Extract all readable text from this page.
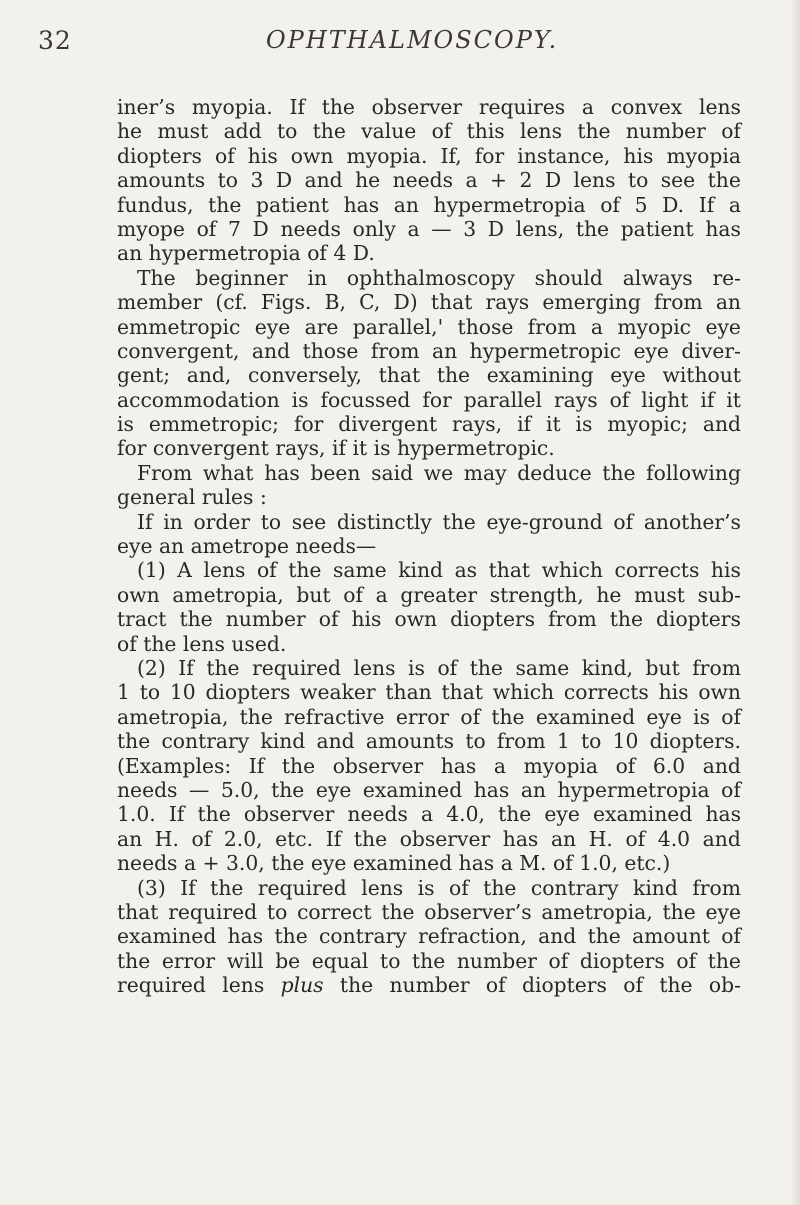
32	OPHTHALMOSCOPY.
iner’s myopia. If the observer requires a convex lens
he must add to the value of this lens the number of
diopters of his own myopia. If, for instance, his myopia
amounts to 3 D and he needs a + 2 D lens to see the
fundus, the patient has an hypermetropia of 5 D. If a
myope of 7 D needs only a — 3 D lens, the patient has
an hypermetropia of 4 D.
The beginner in ophthalmoscopy should always re-
member (cf. Figs. B, C, D) that rays emerging from an
emmetropic eye are parallel,' those from a myopic eye
convergent, and those from an hypermetropic eye diver-
gent; and, conversely, that the examining eye without
accommodation is focussed for parallel rays of light if it
is emmetropic; for divergent rays, if it is myopic; and
for convergent rays, if it is hypermetropic.
From what has been said we may deduce the following
general rules :
If in order to see distinctly the eye-ground of another’s
eye an ametrope needs—
(1) A lens of the same kind as that which corrects his
own ametropia, but of a greater strength, he must sub-
tract the number of his own diopters from the diopters
of the lens used.
(2) If the required lens is of the same kind, but from
1 to 10 diopters weaker than that which corrects his own
ametropia, the refractive error of the examined eye is of
the contrary kind and amounts to from 1 to 10 diopters.
(Examples: If the observer has a myopia of 6.0 and
needs — 5.0, the eye examined has an hypermetropia of
1.0. If the observer needs a 4.0, the eye examined has
an H. of 2.0, etc. If the observer has an H. of 4.0 and
needs a + 3.0, the eye examined has a M. of 1.0, etc.)
(3) If the required lens is of the contrary kind from
that required to correct the observer’s ametropia, the eye
examined has the contrary refraction, and the amount of
the error will be equal to the number of diopters of the
required lens plus the number of diopters of the ob-
